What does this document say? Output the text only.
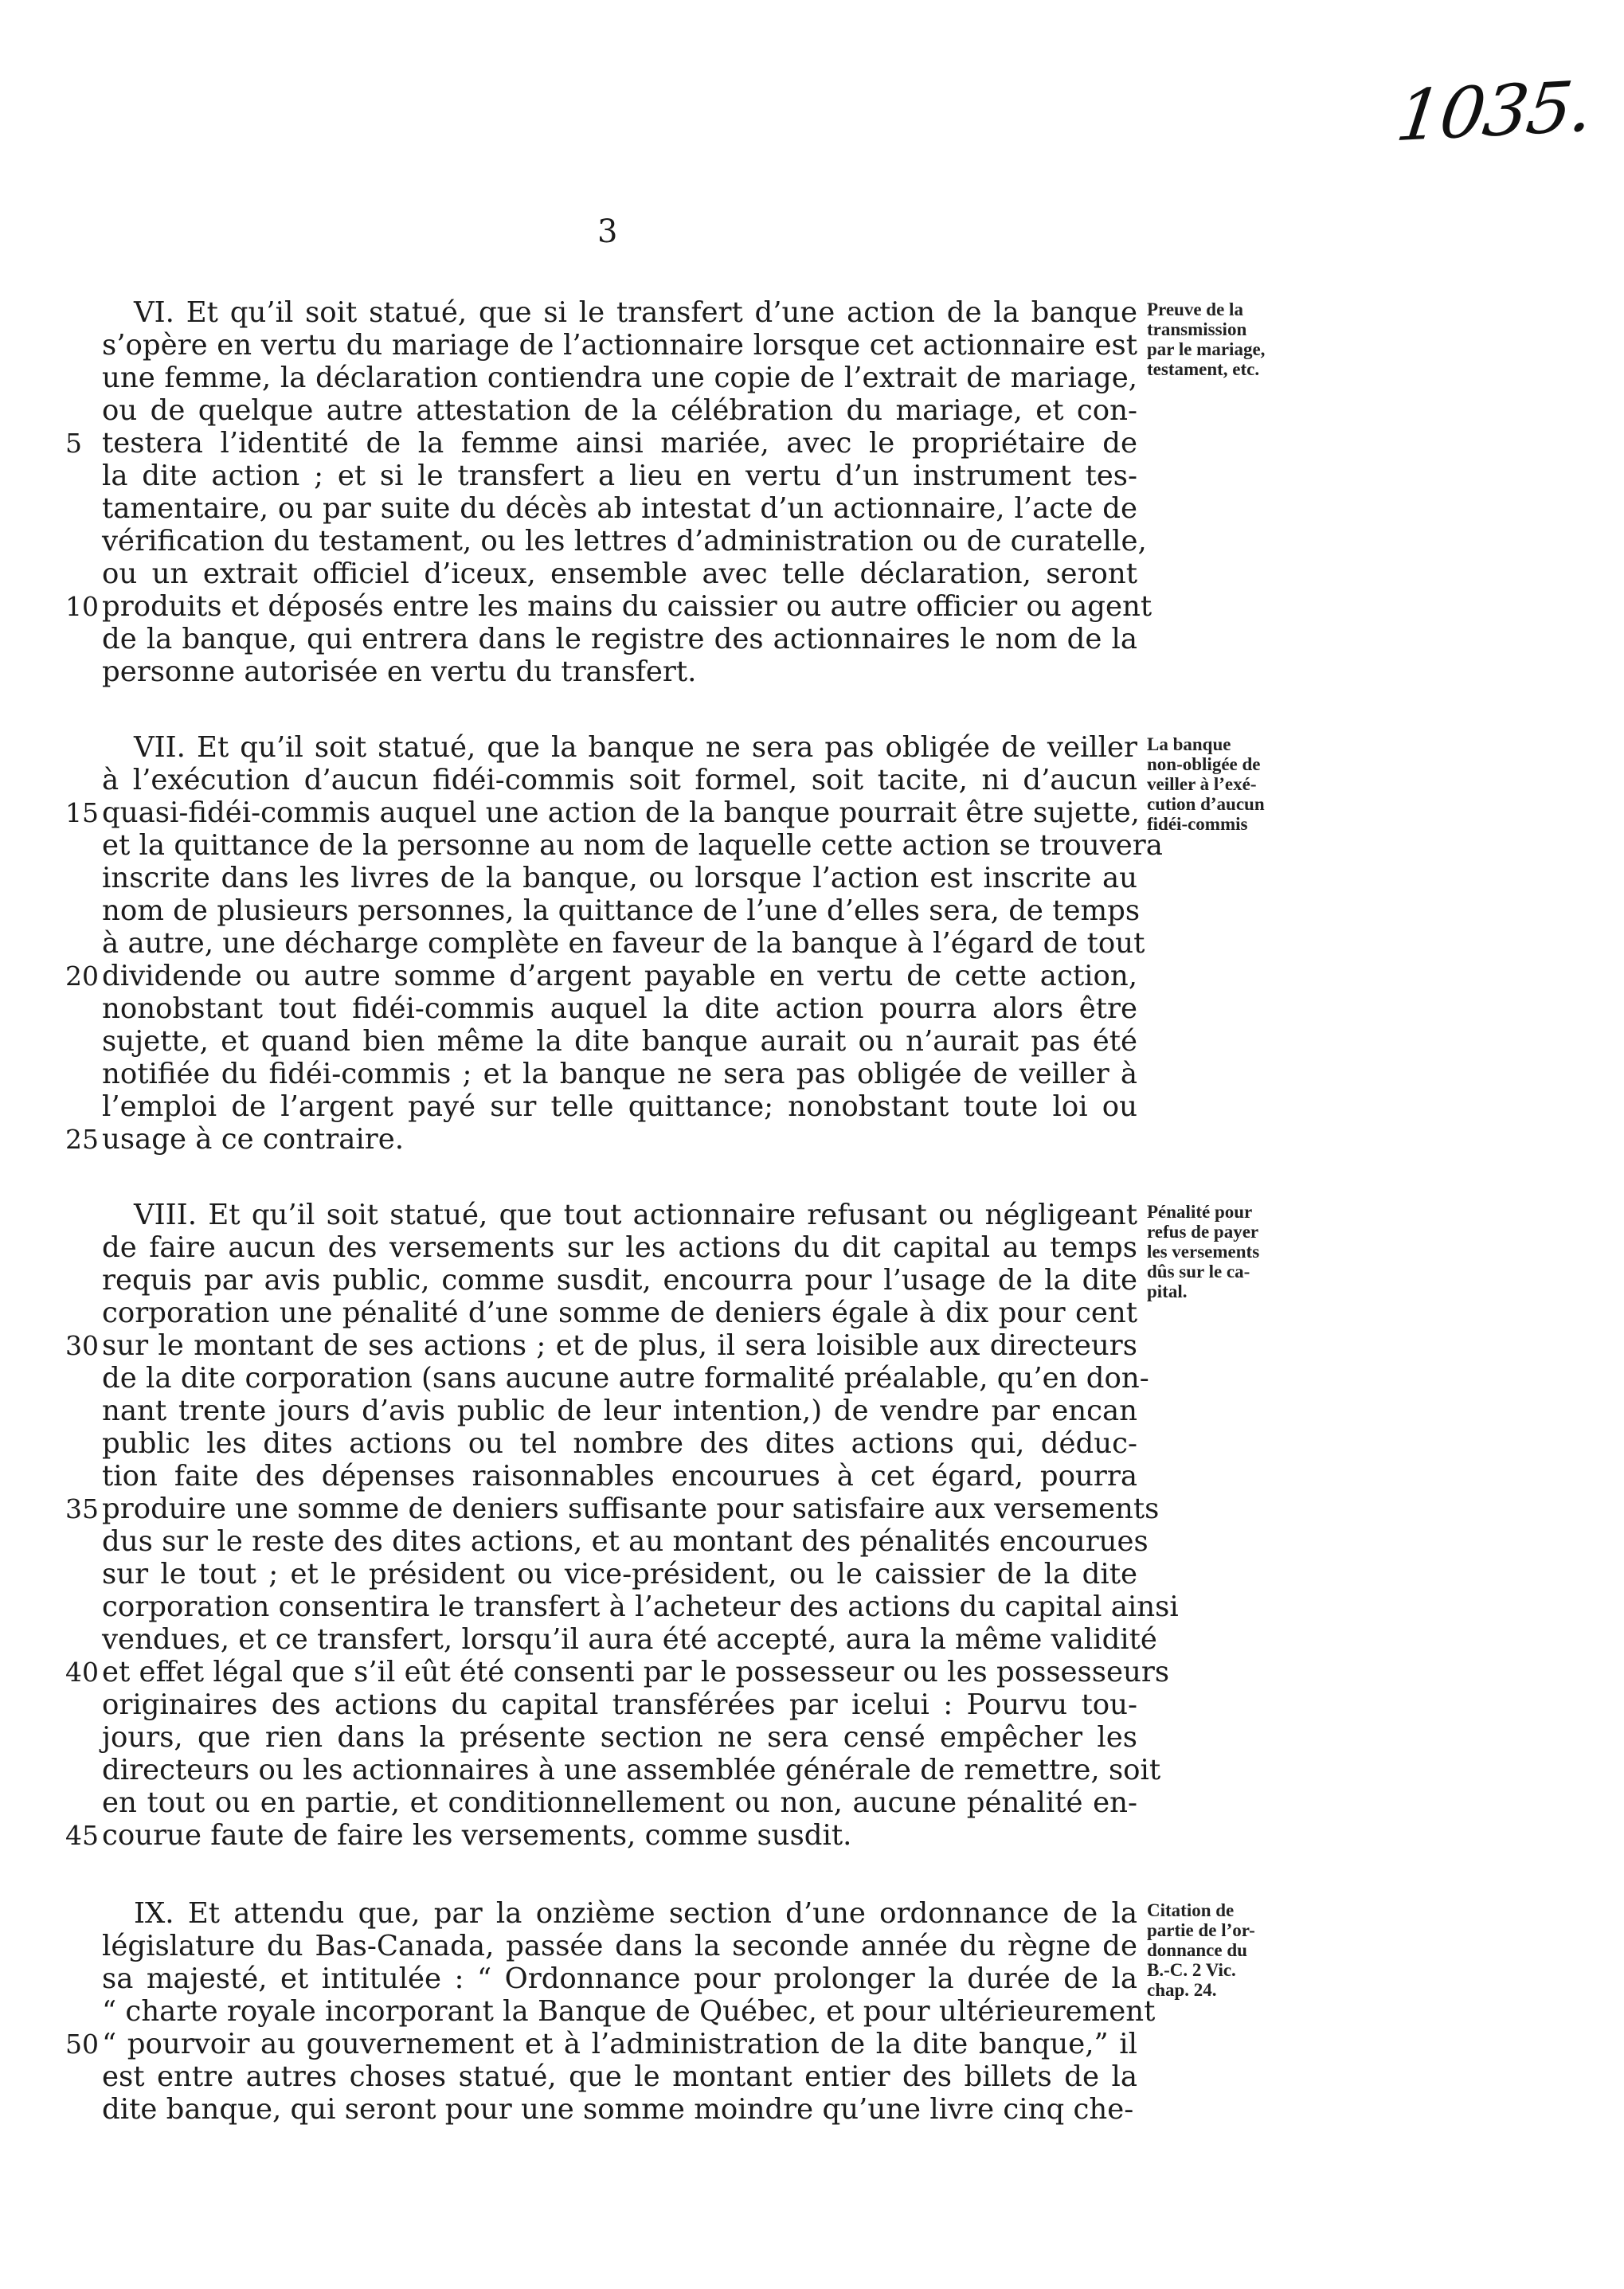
1035.
3
VI. Et qu’il soit statué, que si le transfert d’une action de la banque
s’opère en vertu du mariage de l’actionnaire lorsque cet actionnaire est
une femme, la déclaration contiendra une copie de l’extrait de mariage,
ou de quelque autre attestation de la célébration du mariage, et con-
testera l’identité de la femme ainsi mariée, avec le propriétaire de
la dite action ; et si le transfert a lieu en vertu d’un instrument tes-
tamentaire, ou par suite du décès ab intestat d’un actionnaire, l’acte de
vérification du testament, ou les lettres d’administration ou de curatelle,
ou un extrait officiel d’iceux, ensemble avec telle déclaration, seront
produits et déposés entre les mains du caissier ou autre officier ou agent
de la banque, qui entrera dans le registre des actionnaires le nom de la
personne autorisée en vertu du transfert.
5
10
Preuve de la
transmission
par le mariage,
testament, etc.
VII. Et qu’il soit statué, que la banque ne sera pas obligée de veiller
à l’exécution d’aucun fidéi-commis soit formel, soit tacite, ni d’aucun
quasi-fidéi-commis auquel une action de la banque pourrait être sujette,
et la quittance de la personne au nom de laquelle cette action se trouvera
inscrite dans les livres de la banque, ou lorsque l’action est inscrite au
nom de plusieurs personnes, la quittance de l’une d’elles sera, de temps
à autre, une décharge complète en faveur de la banque à l’égard de tout
dividende ou autre somme d’argent payable en vertu de cette action,
nonobstant tout fidéi-commis auquel la dite action pourra alors être
sujette, et quand bien même la dite banque aurait ou n’aurait pas été
notifiée du fidéi-commis ; et la banque ne sera pas obligée de veiller à
l’emploi de l’argent payé sur telle quittance; nonobstant toute loi ou
usage à ce contraire.
15
20
25
La banque
non-obligée de
veiller à l’exé-
cution d’aucun
fidéi-commis
VIII. Et qu’il soit statué, que tout actionnaire refusant ou négligeant
de faire aucun des versements sur les actions du dit capital au temps
requis par avis public, comme susdit, encourra pour l’usage de la dite
corporation une pénalité d’une somme de deniers égale à dix pour cent
sur le montant de ses actions ; et de plus, il sera loisible aux directeurs
de la dite corporation (sans aucune autre formalité préalable, qu’en don-
nant trente jours d’avis public de leur intention,) de vendre par encan
public les dites actions ou tel nombre des dites actions qui, déduc-
tion faite des dépenses raisonnables encourues à cet égard, pourra
produire une somme de deniers suffisante pour satisfaire aux versements
dus sur le reste des dites actions, et au montant des pénalités encourues
sur le tout ; et le président ou vice-président, ou le caissier de la dite
corporation consentira le transfert à l’acheteur des actions du capital ainsi
vendues, et ce transfert, lorsqu’il aura été accepté, aura la même validité
et effet légal que s’il eût été consenti par le possesseur ou les possesseurs
originaires des actions du capital transférées par icelui : Pourvu tou-
jours, que rien dans la présente section ne sera censé empêcher les
directeurs ou les actionnaires à une assemblée générale de remettre, soit
en tout ou en partie, et conditionnellement ou non, aucune pénalité en-
courue faute de faire les versements, comme susdit.
30
35
40
45
Pénalité pour
refus de payer
les versements
dûs sur le ca-
pital.
IX. Et attendu que, par la onzième section d’une ordonnance de la
législature du Bas-Canada, passée dans la seconde année du règne de
sa majesté, et intitulée : “ Ordonnance pour prolonger la durée de la
“ charte royale incorporant la Banque de Québec, et pour ultérieurement
“ pourvoir au gouvernement et à l’administration de la dite banque,” il
est entre autres choses statué, que le montant entier des billets de la
dite banque, qui seront pour une somme moindre qu’une livre cinq che-
50
Citation de
partie de l’or-
donnance du
B.-C. 2 Vic.
chap. 24.
